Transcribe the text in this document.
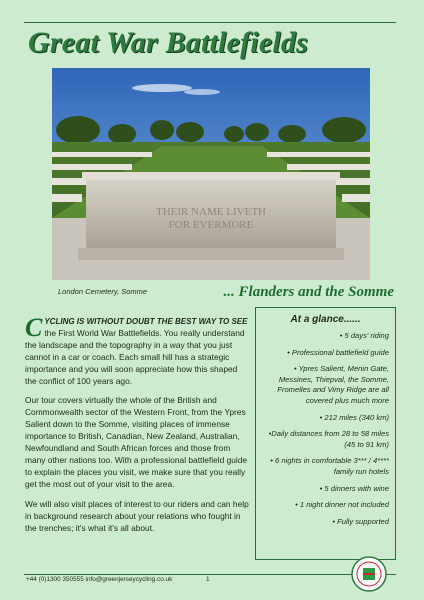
Great War Battlefields
THEIR NAME LIVETH
FOR EVERMORE
London Cemetery, Somme	... Flanders and the Somme

CYCLING IS WITHOUT DOUBT THE BEST WAY TO SEE the First World War Battlefields. You really understand the landscape and the topography in a way that you just cannot in a car or coach. Each small hill has a strategic importance and you will soon appreciate how this shaped the conflict of 100 years ago.

Our tour covers virtually the whole of the British and Commonwealth sector of the Western Front, from the Ypres Salient down to the Somme, visiting places of immense importance to British, Canadian, New Zealand, Australian, Newfoundland and South African forces and those from many other nations too. With a professional battlefield guide to explain the places you visit, we make sure that you really get the most out of your visit to the area.

We will also visit places of interest to our riders and can help in background research about your relations who fought in the trenches; it's what it's all about.

At a glance......
• 5 days' riding
• Professional battlefield guide
• Ypres Salient, Menin Gate, Messines, Thiepval, the Somme, Fromelles and Vimy Ridge are all covered plus much more
• 212 miles (340 km)
•Daily distances from 28 to 58 miles (45 to 91 km)
• 6 nights in comfortable 3*** / 4**** family run hotels
• 5 dinners with wine
• 1 night dinner not included
• Fully supported
+44 (0)1300 350555 info@greenjerseycycling.co.uk	1
